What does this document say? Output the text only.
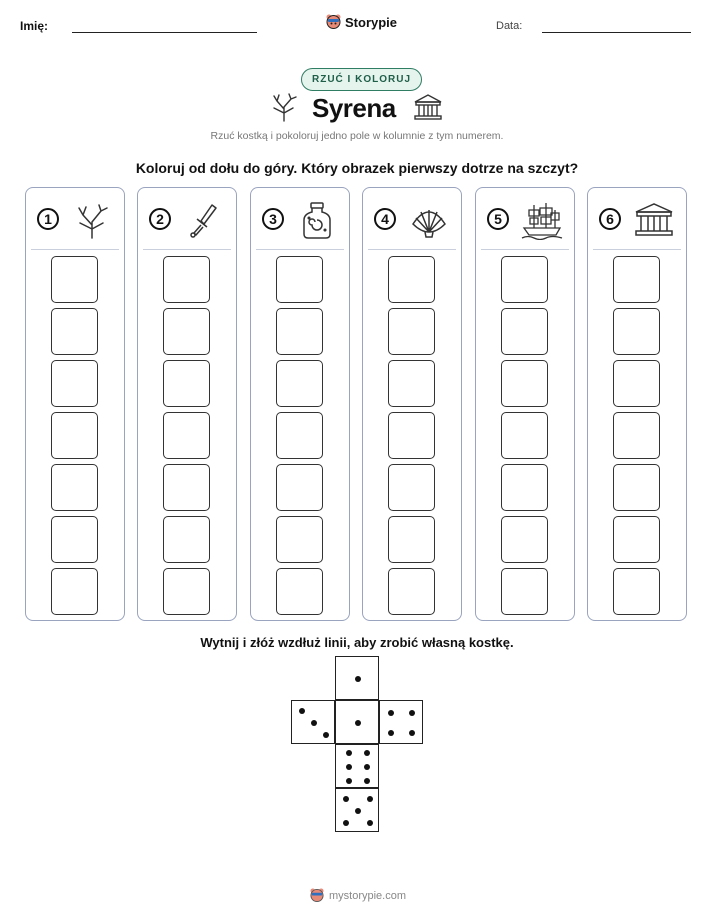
Imię:	Storypie	Data:
RZUĆ I KOLORUJ
Syrena
Rzuć kostką i pokoloruj jedno pole w kolumnie z tym numerem.
Koloruj od dołu do góry. Który obrazek pierwszy dotrze na szczyt?
1	2	3	4	5	6
Wytnij i złóż wzdłuż linii, aby zrobić własną kostkę.
mystorypie.com
